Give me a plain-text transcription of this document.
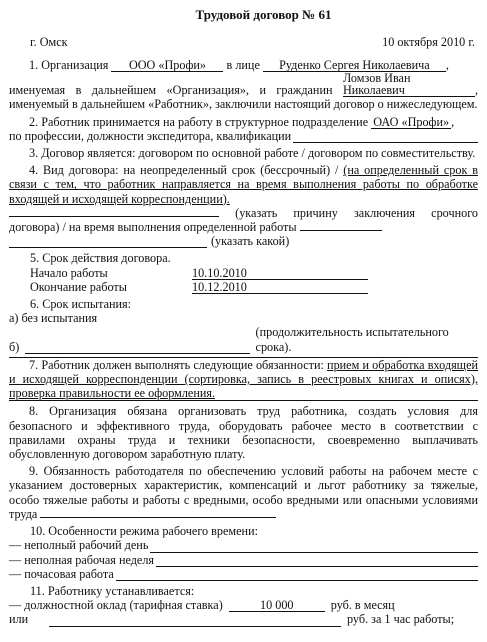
Трудовой договор № 61
г. Омск	10 октября 2010 г.
1. Организация ООО «Профи» в лице Руденко Сергея Николаевича ,
именуемая в дальнейшем «Организация», и гражданин Ломзов Иван Николаевич	, именуемый в дальнейшем «Работник», заключили настоящий договор о нижеследующем.
2. Работник принимается на работу в структурное подразделение ОАО «Профи» ,
по профессии, должности экспедитора, квалификации
3. Договор является: договором по основной работе / договором по совместительству.
4. Вид договора: на неопределенный срок (бессрочный) / (на определенный срок в связи с тем, что работник направляется на время выполнения работы по обработке входящей и исходящей корреспонденции).
(указать причину заключения срочного договора) / на время выполнения определенной работы
(указать какой)
5. Срок действия договора.
Начало работы	10.10.2010
Окончание работы	10.12.2010
6. Срок испытания:
а) без испытания
б)
(продолжительность испытательного срока).
7. Работник должен выполнять следующие обязанности: прием и обработка входящей и исходящей корреспонденции (сортировка, запись в реестровых книгах и описях), проверка правильности ее оформления.
8. Организация обязана организовать труд работника, создать условия для безопасного и эффективного труда, оборудовать рабочее место в соответствии с правилами охраны труда и техники безопасности, своевременно выплачивать обусловленную договором заработную плату.
9. Обязанность работодателя по обеспечению условий работы на рабочем месте с указанием достоверных характеристик, компенсаций и льгот работнику за тяжелые, особо тяжелые работы и работы с вредными, особо вредными или опасными условиями труда
10. Особенности режима рабочего времени:
— неполный рабочий день
— неполная рабочая неделя
— почасовая работа
11. Работнику устанавливается:
— должностной оклад (тарифная ставка)	10 000	руб. в месяц
или	руб. за 1 час работы;
